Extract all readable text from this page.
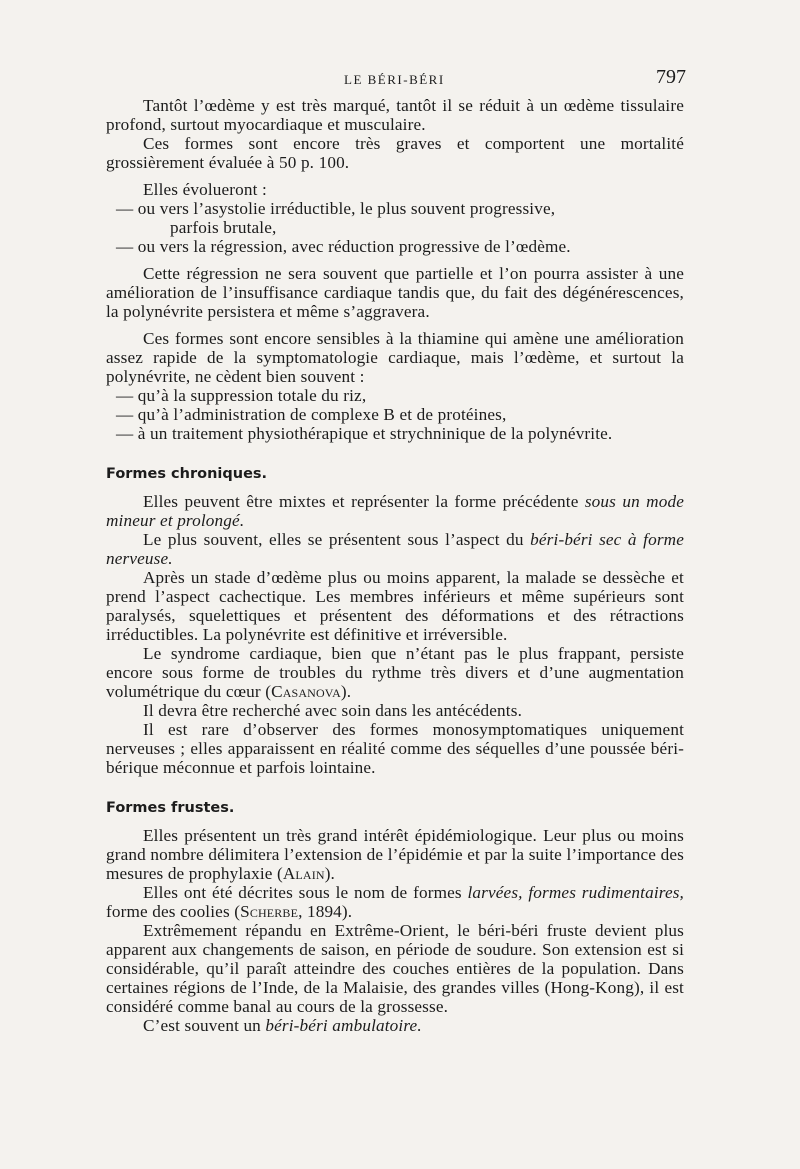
LE BÉRI-BÉRI	797

Tantôt l’œdème y est très marqué, tantôt il se réduit à un œdème tissulaire profond, surtout myocardiaque et musculaire.

Ces formes sont encore très graves et comportent une mortalité grossièrement évaluée à 50 p. 100.

Elles évolueront :

— ou vers l’asystolie irréductible, le plus souvent progressive,

parfois brutale,

— ou vers la régression, avec réduction progressive de l’œdème.

Cette régression ne sera souvent que partielle et l’on pourra assister à une amélioration de l’insuffisance cardiaque tandis que, du fait des dégénérescences, la polynévrite persistera et même s’aggravera.

Ces formes sont encore sensibles à la thiamine qui amène une amélioration assez rapide de la symptomatologie cardiaque, mais l’œdème, et surtout la polynévrite, ne cèdent bien souvent :

— qu’à la suppression totale du riz,

— qu’à l’administration de complexe B et de protéines,

— à un traitement physiothérapique et strychninique de la polynévrite.

Formes chroniques.

Elles peuvent être mixtes et représenter la forme précédente sous un mode mineur et prolongé.

Le plus souvent, elles se présentent sous l’aspect du béri-béri sec à forme nerveuse.

Après un stade d’œdème plus ou moins apparent, la malade se dessèche et prend l’aspect cachectique. Les membres inférieurs et même supérieurs sont paralysés, squelettiques et présentent des déformations et des rétractions irréductibles. La polynévrite est définitive et irréversible.

Le syndrome cardiaque, bien que n’étant pas le plus frappant, persiste encore sous forme de troubles du rythme très divers et d’une augmentation volumétrique du cœur (Casanova).

Il devra être recherché avec soin dans les antécédents.

Il est rare d’observer des formes monosymptomatiques uniquement nerveuses ; elles apparaissent en réalité comme des séquelles d’une poussée béri-bérique méconnue et parfois lointaine.

Formes frustes.

Elles présentent un très grand intérêt épidémiologique. Leur plus ou moins grand nombre délimitera l’extension de l’épidémie et par la suite l’importance des mesures de prophylaxie (Alain).

Elles ont été décrites sous le nom de formes larvées, formes rudimentaires, forme des coolies (Scherbe, 1894).

Extrêmement répandu en Extrême-Orient, le béri-béri fruste devient plus apparent aux changements de saison, en période de soudure. Son extension est si considérable, qu’il paraît atteindre des couches entières de la population. Dans certaines régions de l’Inde, de la Malaisie, des grandes villes (Hong-Kong), il est considéré comme banal au cours de la grossesse.

C’est souvent un béri-béri ambulatoire.
